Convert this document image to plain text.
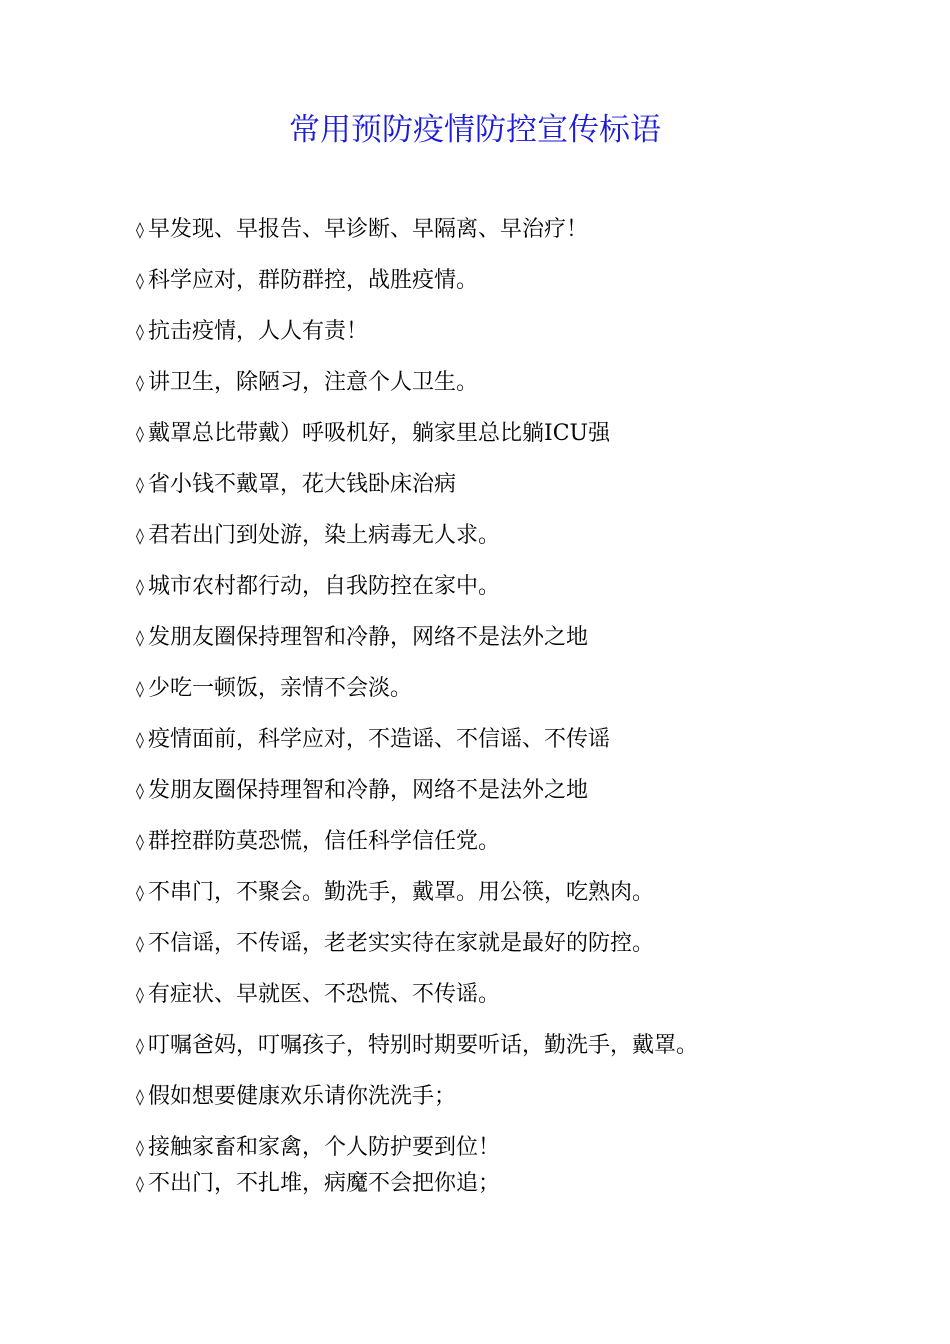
常用预防疫情防控宣传标语
◊ 早发现、早报告、早诊断、早隔离、早治疗！
◊ 科学应对，群防群控，战胜疫情。
◊ 抗击疫情，人人有责！
◊ 讲卫生，除陋习，注意个人卫生。
◊ 戴罩总比带戴）呼吸机好，躺家里总比躺ICU强
◊ 省小钱不戴罩，花大钱卧床治病
◊ 君若出门到处游，染上病毒无人求。
◊ 城市农村都行动，自我防控在家中。
◊ 发朋友圈保持理智和冷静，网络不是法外之地
◊ 少吃一顿饭，亲情不会淡。
◊ 疫情面前，科学应对，不造谣、不信谣、不传谣
◊ 发朋友圈保持理智和冷静，网络不是法外之地
◊ 群控群防莫恐慌，信任科学信任党。
◊ 不串门，不聚会。勤洗手，戴罩。用公筷，吃熟肉。
◊ 不信谣，不传谣，老老实实待在家就是最好的防控。
◊ 有症状、早就医、不恐慌、不传谣。
◊ 叮嘱爸妈，叮嘱孩子，特别时期要听话，勤洗手，戴罩。
◊ 假如想要健康欢乐请你洗洗手；
◊ 接触家畜和家禽，个人防护要到位！
◊ 不出门，不扎堆，病魔不会把你追；
